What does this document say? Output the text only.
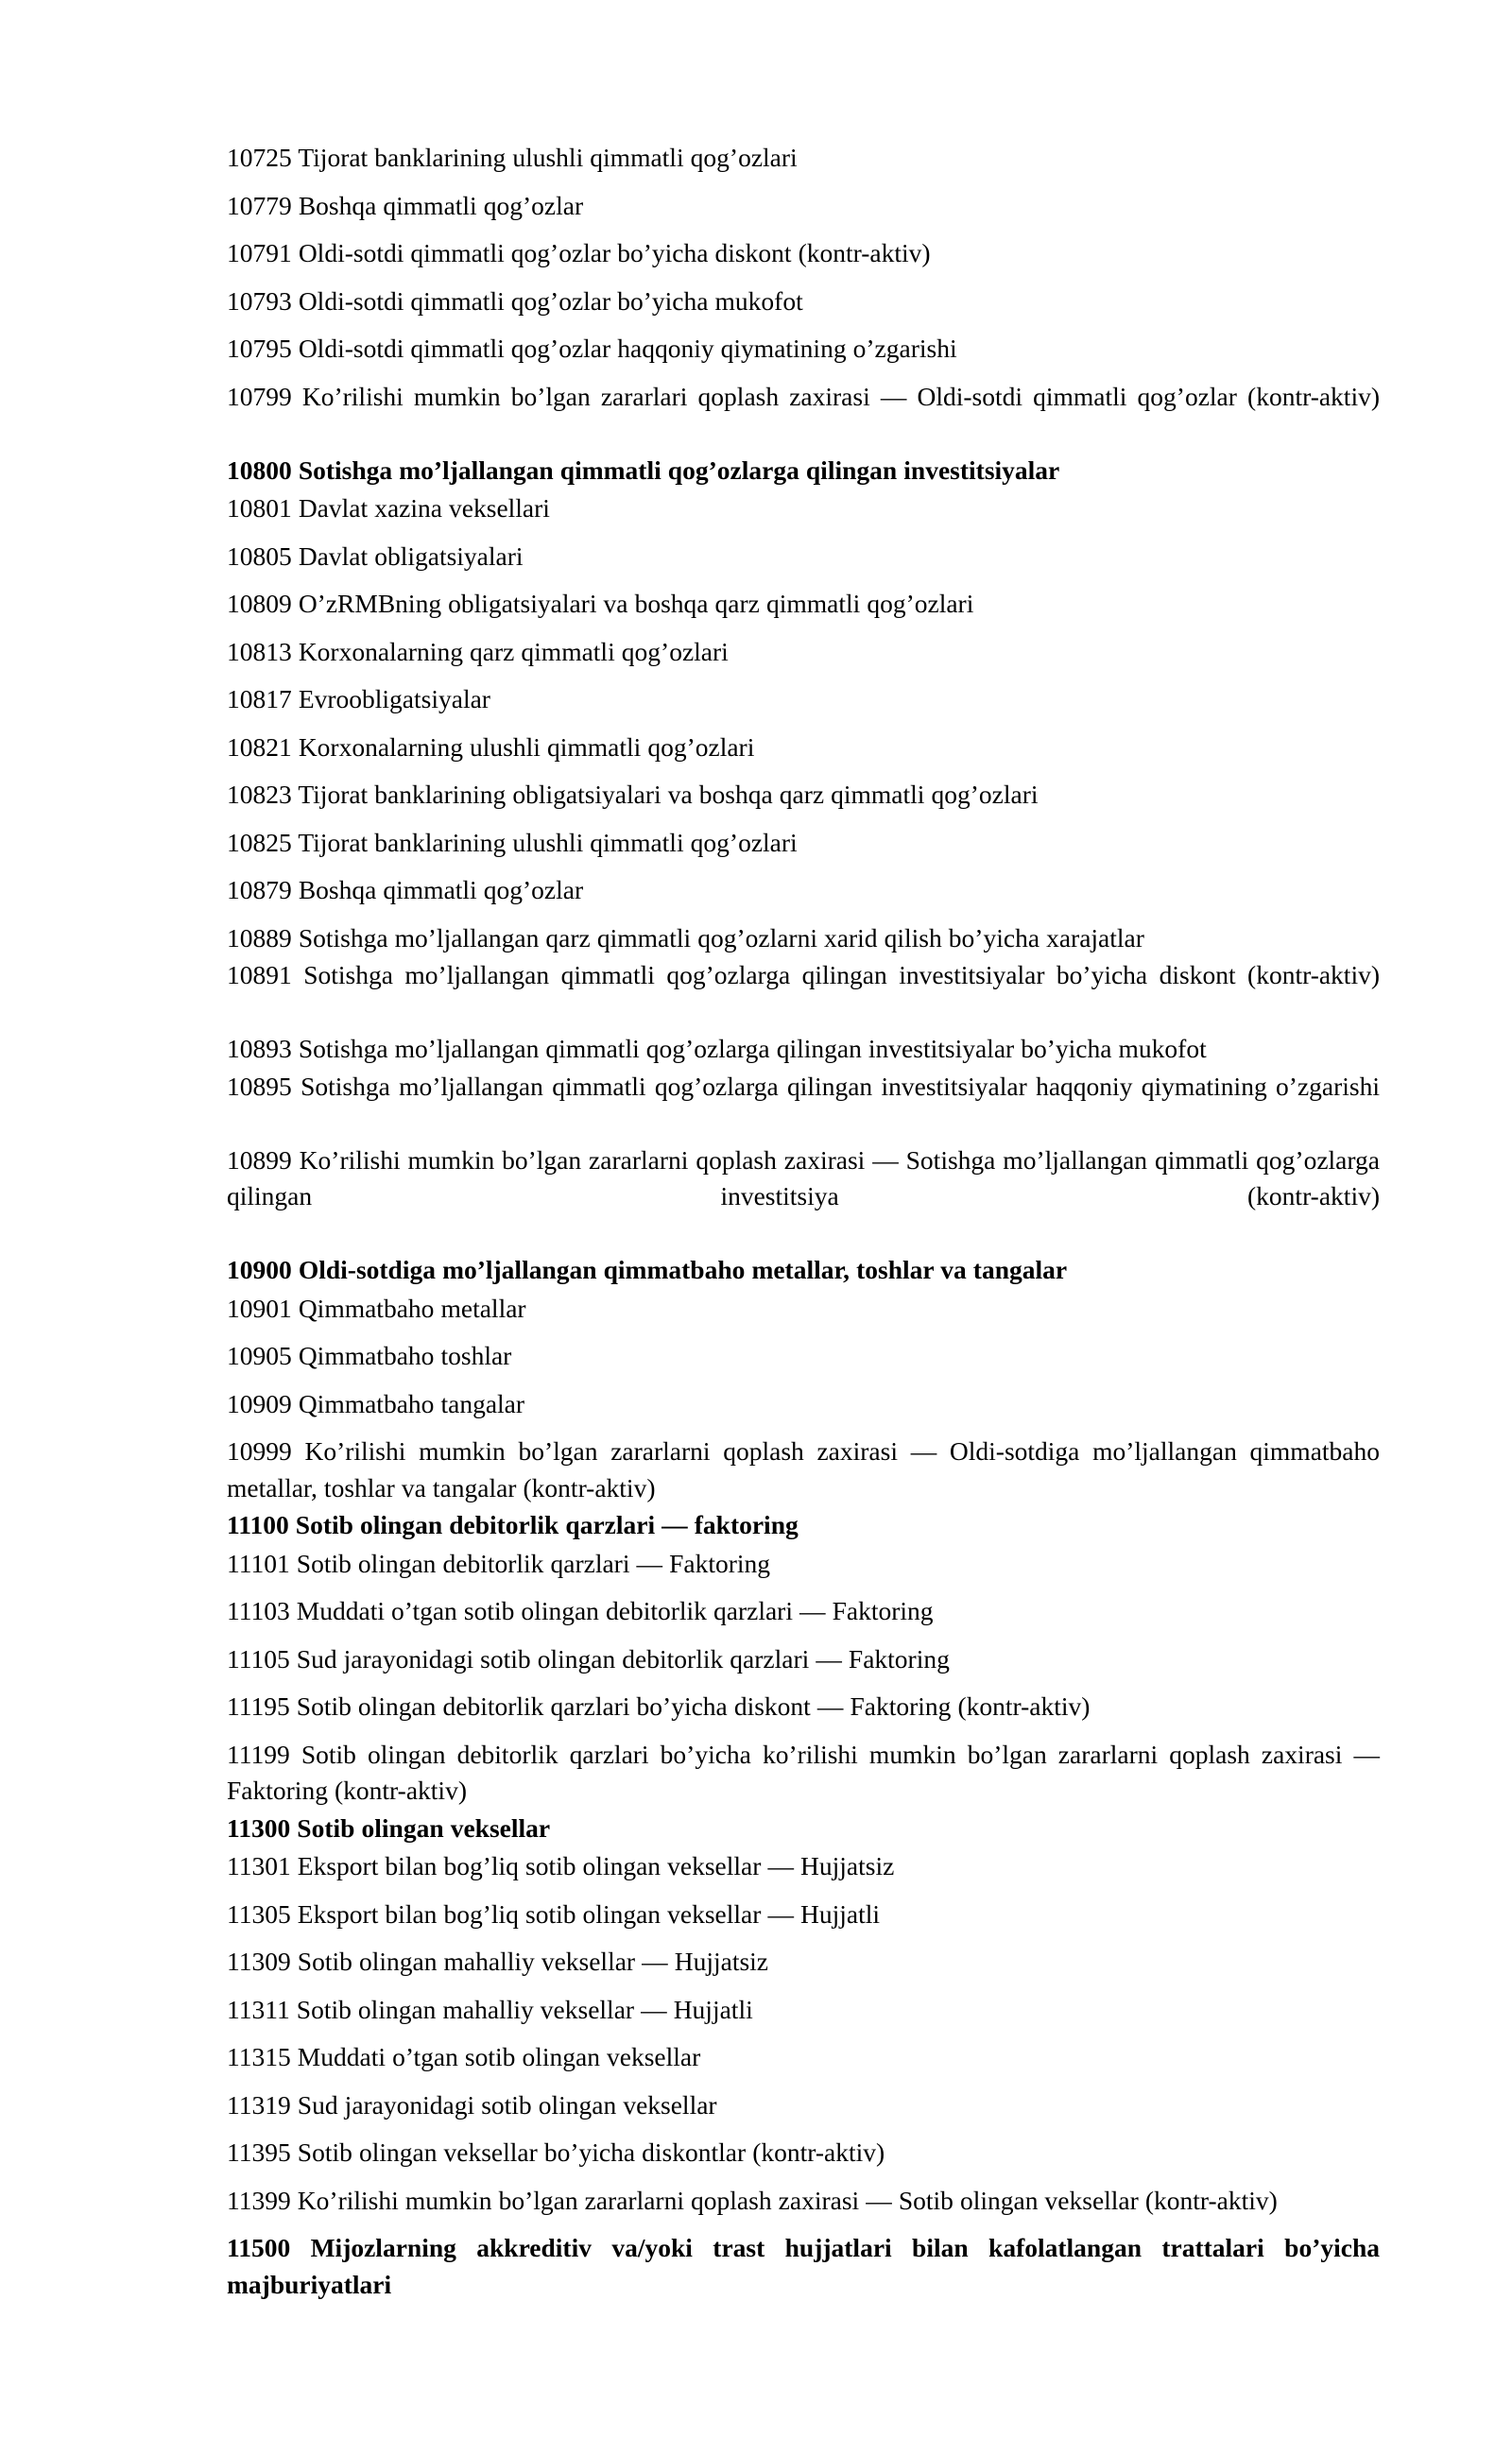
10725 Tijorat banklarining ulushli qimmatli qog’ozlari

10779 Boshqa qimmatli qog’ozlar

10791 Oldi-sotdi qimmatli qog’ozlar bo’yicha diskont (kontr-aktiv)

10793 Oldi-sotdi qimmatli qog’ozlar bo’yicha mukofot

10795 Oldi-sotdi qimmatli qog’ozlar haqqoniy qiymatining o’zgarishi

10799 Ko’rilishi mumkin bo’lgan zararlari qoplash zaxirasi — Oldi-sotdi qimmatli qog’ozlar (kontr-aktiv)

10800 Sotishga mo’ljallangan qimmatli qog’ozlarga qilingan investitsiyalar

10801 Davlat xazina veksellari

10805 Davlat obligatsiyalari

10809 O’zRMBning obligatsiyalari va boshqa qarz qimmatli qog’ozlari

10813 Korxonalarning qarz qimmatli qog’ozlari

10817 Evroobligatsiyalar

10821 Korxonalarning ulushli qimmatli qog’ozlari

10823 Tijorat banklarining obligatsiyalari va boshqa qarz qimmatli qog’ozlari

10825 Tijorat banklarining ulushli qimmatli qog’ozlari

10879 Boshqa qimmatli qog’ozlar

10889 Sotishga mo’ljallangan qarz qimmatli qog’ozlarni xarid qilish bo’yicha xarajatlar

10891 Sotishga mo’ljallangan qimmatli qog’ozlarga qilingan investitsiyalar bo’yicha diskont (kontr-aktiv)

10893 Sotishga mo’ljallangan qimmatli qog’ozlarga qilingan investitsiyalar bo’yicha mukofot

10895 Sotishga mo’ljallangan qimmatli qog’ozlarga qilingan investitsiyalar haqqoniy qiymatining o’zgarishi

10899 Ko’rilishi mumkin bo’lgan zararlarni qoplash zaxirasi — Sotishga mo’ljallangan qimmatli qog’ozlarga qilingan investitsiya (kontr-aktiv)

10900 Oldi-sotdiga mo’ljallangan qimmatbaho metallar, toshlar va tangalar

10901 Qimmatbaho metallar

10905 Qimmatbaho toshlar

10909 Qimmatbaho tangalar

10999 Ko’rilishi mumkin bo’lgan zararlarni qoplash zaxirasi — Oldi-sotdiga mo’ljallangan qimmatbaho metallar, toshlar va tangalar (kontr-aktiv)

11100 Sotib olingan debitorlik qarzlari — faktoring

11101 Sotib olingan debitorlik qarzlari — Faktoring

11103 Muddati o’tgan sotib olingan debitorlik qarzlari — Faktoring

11105 Sud jarayonidagi sotib olingan debitorlik qarzlari — Faktoring

11195 Sotib olingan debitorlik qarzlari bo’yicha diskont — Faktoring (kontr-aktiv)

11199 Sotib olingan debitorlik qarzlari bo’yicha ko’rilishi mumkin bo’lgan zararlarni qoplash zaxirasi — Faktoring (kontr-aktiv)

11300 Sotib olingan veksellar

11301 Eksport bilan bog’liq sotib olingan veksellar — Hujjatsiz

11305 Eksport bilan bog’liq sotib olingan veksellar — Hujjatli

11309 Sotib olingan mahalliy veksellar — Hujjatsiz

11311 Sotib olingan mahalliy veksellar — Hujjatli

11315 Muddati o’tgan sotib olingan veksellar

11319 Sud jarayonidagi sotib olingan veksellar

11395 Sotib olingan veksellar bo’yicha diskontlar (kontr-aktiv)

11399 Ko’rilishi mumkin bo’lgan zararlarni qoplash zaxirasi — Sotib olingan veksellar (kontr-aktiv)

11500 Mijozlarning akkreditiv va/yoki trast hujjatlari bilan kafolatlangan trattalari bo’yicha majburiyatlari
